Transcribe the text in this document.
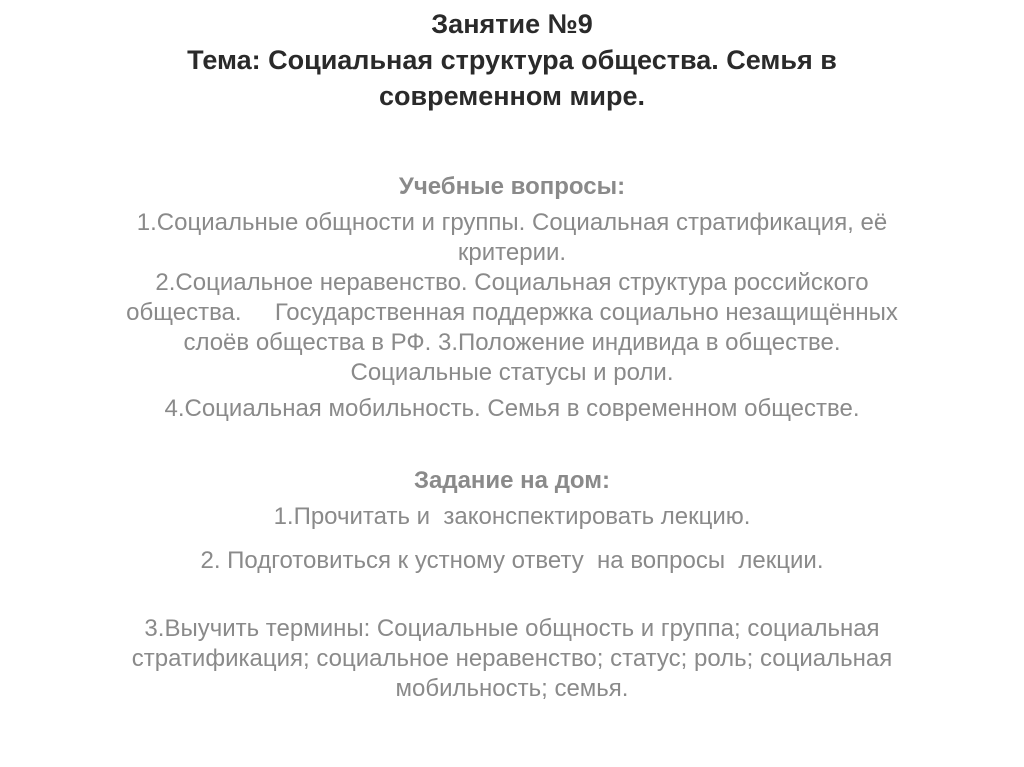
Занятие №9
Тема: Социальная структура общества. Семья в
современном мире.
Учебные вопросы:
1.Социальные общности и группы. Социальная стратификация, её
критерии.
2.Социальное неравенство. Социальная структура российского
общества.     Государственная поддержка социально незащищённых
слоёв общества в РФ. 3.Положение индивида в обществе.
Социальные статусы и роли.
4.Социальная мобильность. Семья в современном обществе.
Задание на дом:
1.Прочитать и  законспектировать лекцию.
2. Подготовиться к устному ответу  на вопросы  лекции.
3.Выучить термины: Социальные общность и группа; социальная
стратификация; социальное неравенство; статус; роль; социальная
мобильность; семья.
